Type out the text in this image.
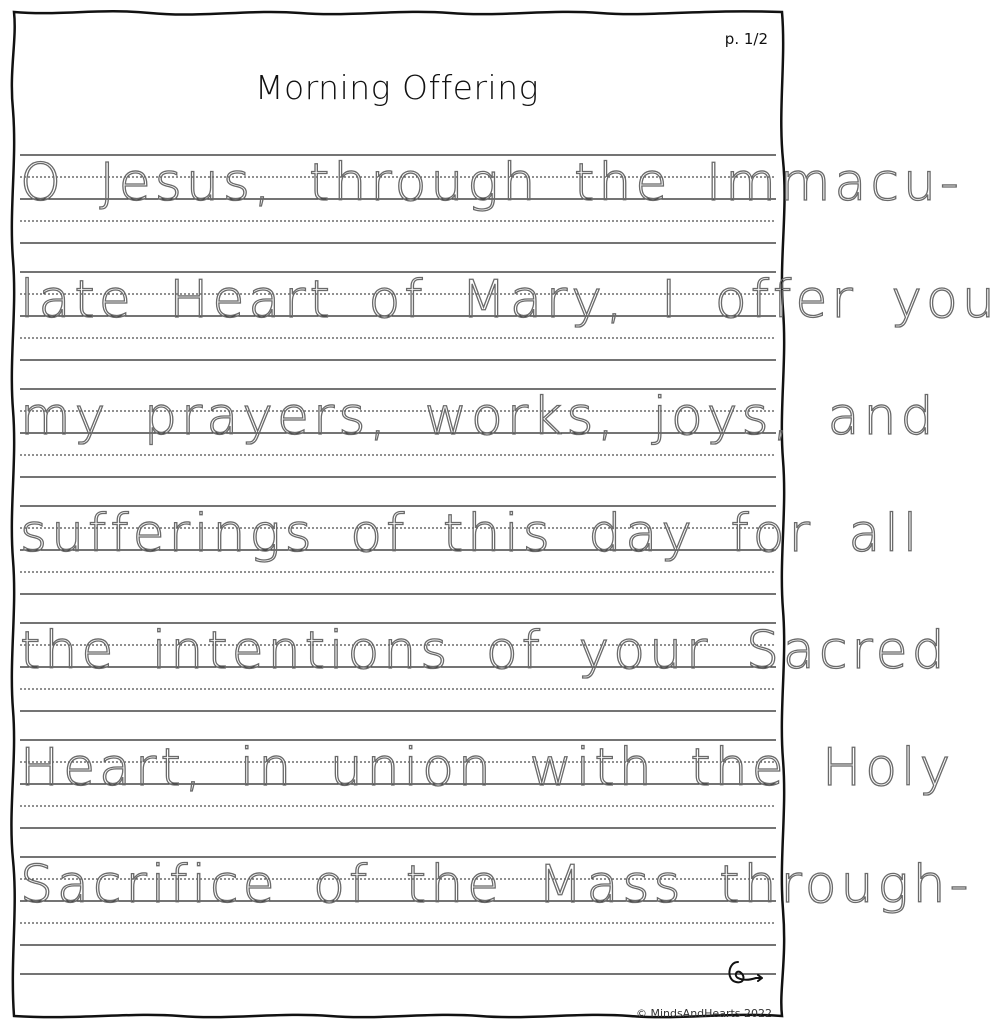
p. 1/2
Morning Offering
O Jesus, through the Immacu-
late Heart of Mary, I offer you
my prayers, works, joys, and
sufferings of this day for all
the intentions of your Sacred
Heart, in union with the Holy
Sacrifice of the Mass through-
© MindsAndHearts 2022
